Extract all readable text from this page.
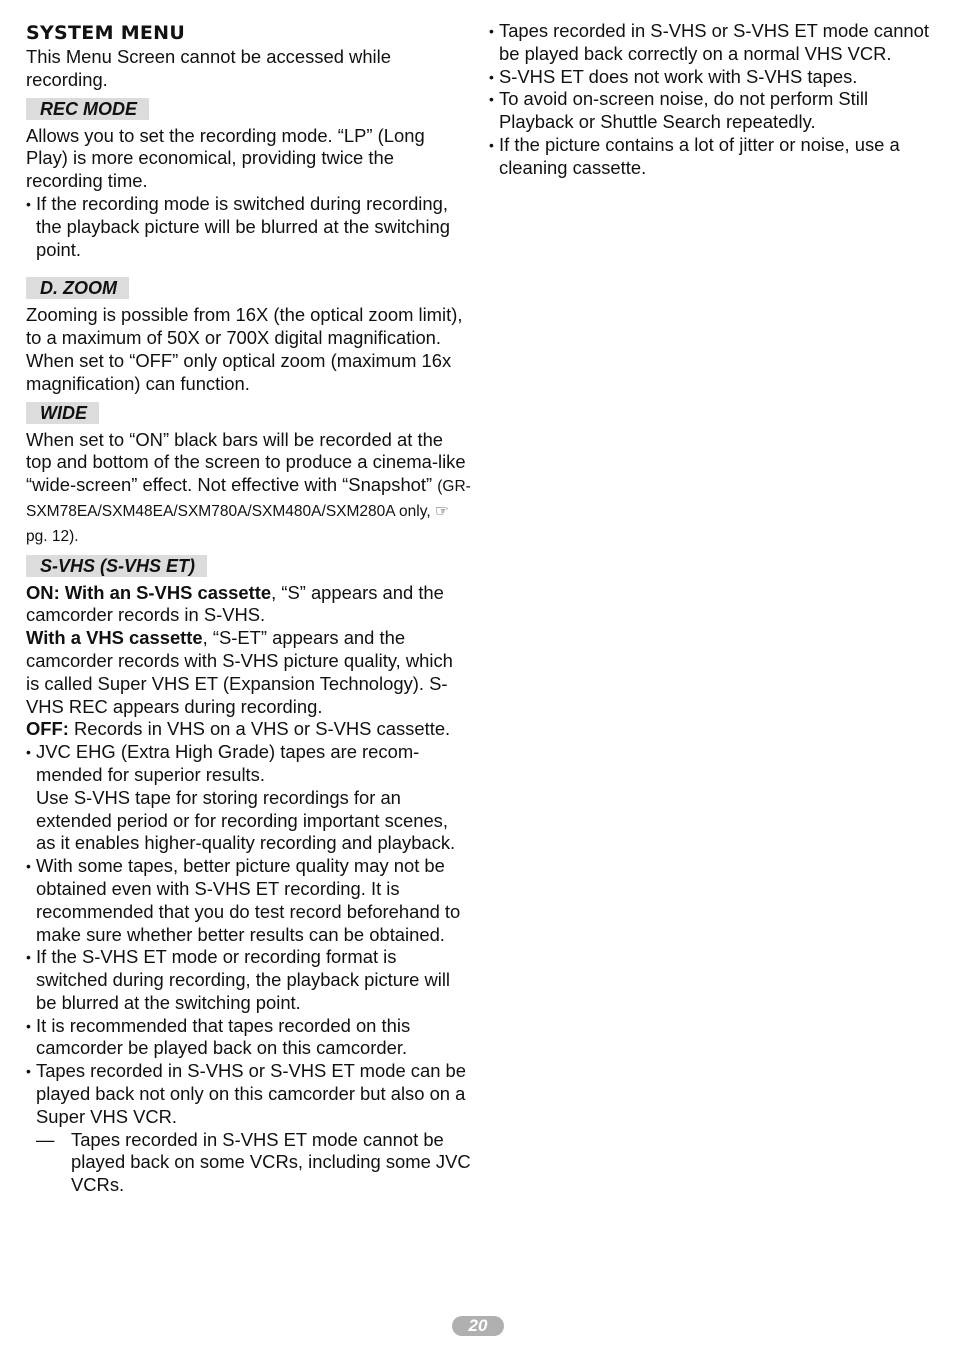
SYSTEM MENU

This Menu Screen cannot be accessed while recording.

REC MODE

Allows you to set the recording mode. “LP” (Long Play) is more economical, providing twice the recording time.

• If the recording mode is switched during recording, the playback picture will be blurred at the switching point.
D. ZOOM

Zooming is possible from 16X (the optical zoom limit), to a maximum of 50X or 700X digital magnification.

When set to “OFF” only optical zoom (maximum 16x magnification) can function.

WIDE

When set to “ON” black bars will be recorded at the top and bottom of the screen to produce a cinema-like “wide-screen” effect. Not effective with “Snapshot” (GR-SXM78EA/SXM48EA/SXM780A/SXM480A/SXM280A only, ☞ pg. 12).

S-VHS (S-VHS ET)

ON: With an S-VHS cassette, “S” appears and the camcorder records in S-VHS.

With a VHS cassette, “S-ET” appears and the camcorder records with S-VHS picture quality, which is called Super VHS ET (Expansion Technology). S-VHS REC appears during recording.

OFF: Records in VHS on a VHS or S-VHS cassette.

• JVC EHG (Extra High Grade) tapes are recom-mended for superior results.
Use S-VHS tape for storing recordings for an extended period or for recording important scenes, as it enables higher-quality recording and playback.
• With some tapes, better picture quality may not be obtained even with S-VHS ET recording. It is recommended that you do test record beforehand to make sure whether better results can be obtained.
• If the S-VHS ET mode or recording format is switched during recording, the playback picture will be blurred at the switching point.
• It is recommended that tapes recorded on this camcorder be played back on this camcorder.
• Tapes recorded in S-VHS or S-VHS ET mode can be played back not only on this camcorder but also on a Super VHS VCR.
— Tapes recorded in S-VHS ET mode cannot be played back on some VCRs, including some JVC VCRs.
• Tapes recorded in S-VHS or S-VHS ET mode cannot be played back correctly on a normal VHS VCR.
• S-VHS ET does not work with S-VHS tapes.
• To avoid on-screen noise, do not perform Still Playback or Shuttle Search repeatedly.
• If the picture contains a lot of jitter or noise, use a cleaning cassette.
20
